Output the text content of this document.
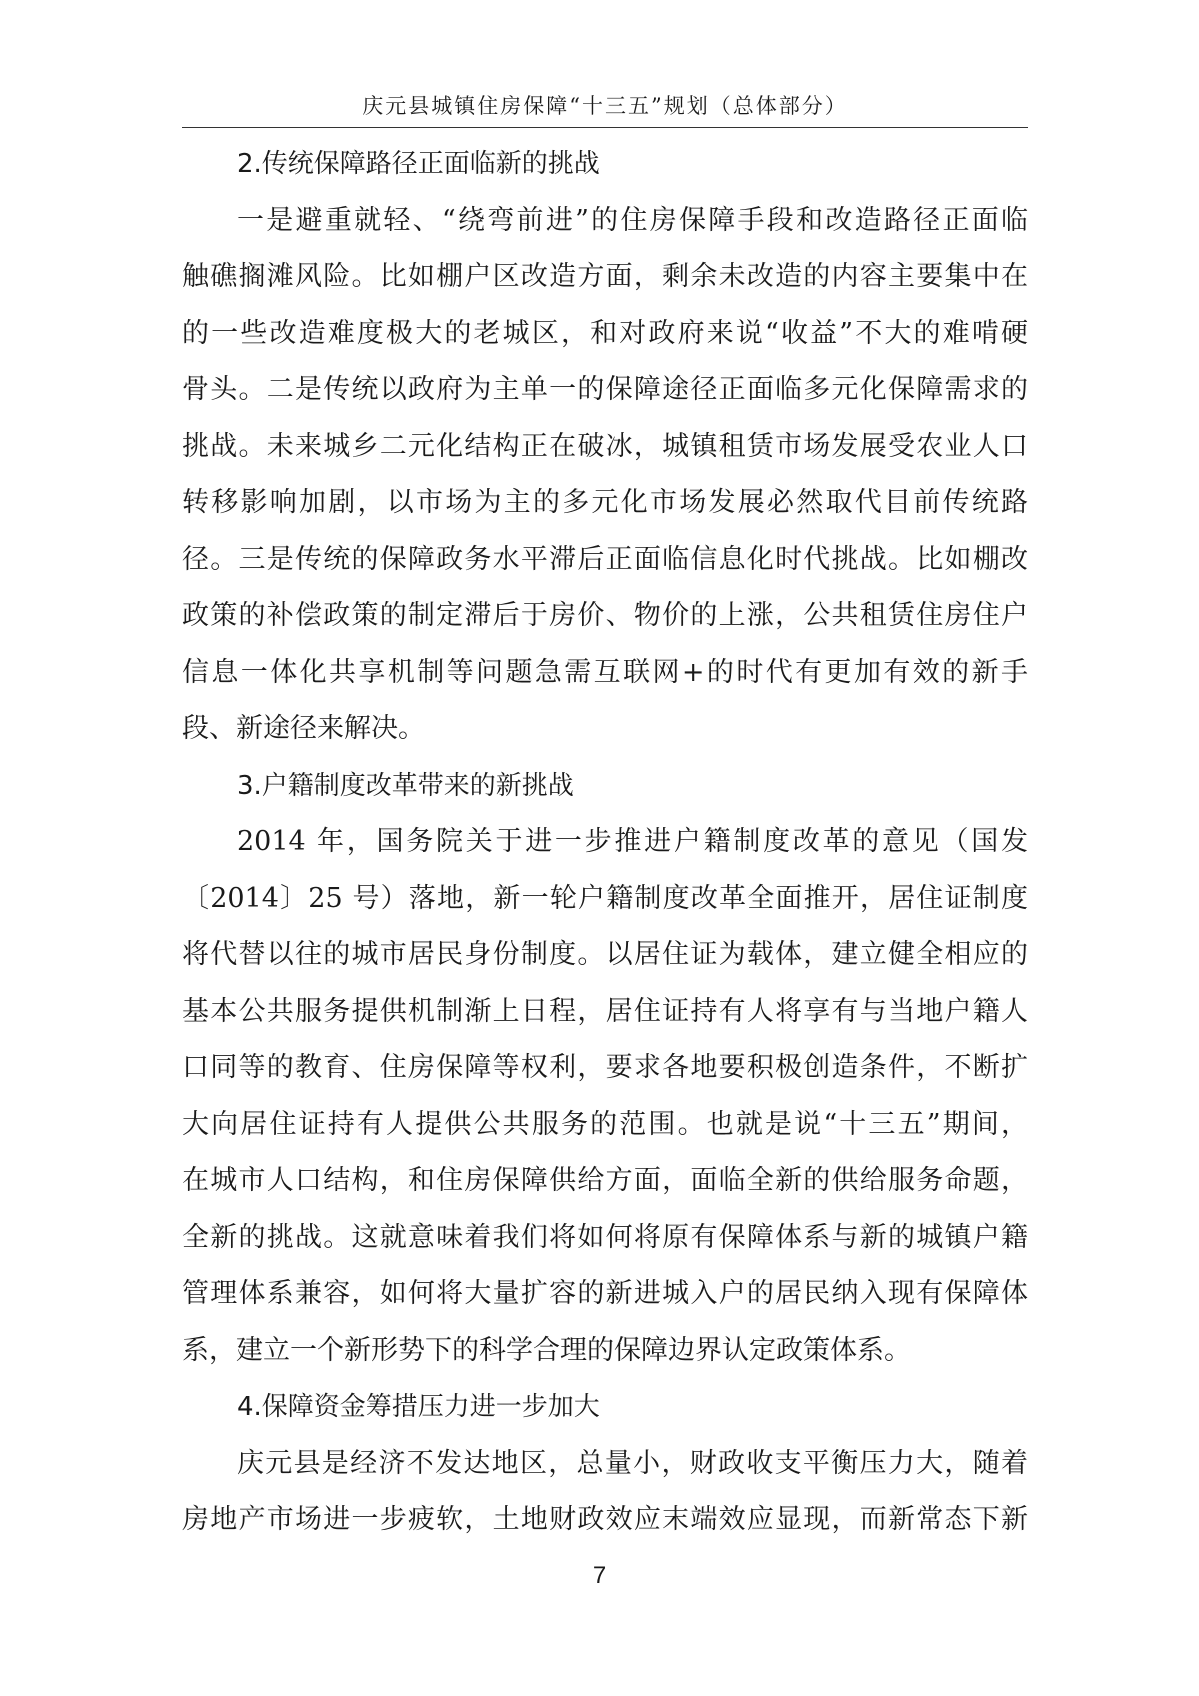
庆元县城镇住房保障“十三五”规划（总体部分）
2.传统保障路径正面临新的挑战
一是避重就轻、“绕弯前进”的住房保障手段和改造路径正面临
触礁搁滩风险。比如棚户区改造方面，剩余未改造的内容主要集中在
的一些改造难度极大的老城区，和对政府来说“收益”不大的难啃硬
骨头。二是传统以政府为主单一的保障途径正面临多元化保障需求的
挑战。未来城乡二元化结构正在破冰，城镇租赁市场发展受农业人口
转移影响加剧，以市场为主的多元化市场发展必然取代目前传统路
径。三是传统的保障政务水平滞后正面临信息化时代挑战。比如棚改
政策的补偿政策的制定滞后于房价、物价的上涨，公共租赁住房住户
信息一体化共享机制等问题急需互联网+的时代有更加有效的新手
段、新途径来解决。
3.户籍制度改革带来的新挑战
2014 年，国务院关于进一步推进户籍制度改革的意见（国发
〔2014〕25 号）落地，新一轮户籍制度改革全面推开，居住证制度
将代替以往的城市居民身份制度。以居住证为载体，建立健全相应的
基本公共服务提供机制渐上日程，居住证持有人将享有与当地户籍人
口同等的教育、住房保障等权利，要求各地要积极创造条件，不断扩
大向居住证持有人提供公共服务的范围。也就是说“十三五”期间，
在城市人口结构，和住房保障供给方面，面临全新的供给服务命题，
全新的挑战。这就意味着我们将如何将原有保障体系与新的城镇户籍
管理体系兼容，如何将大量扩容的新进城入户的居民纳入现有保障体
系，建立一个新形势下的科学合理的保障边界认定政策体系。
4.保障资金筹措压力进一步加大
庆元县是经济不发达地区，总量小，财政收支平衡压力大，随着
房地产市场进一步疲软，土地财政效应末端效应显现，而新常态下新
7
